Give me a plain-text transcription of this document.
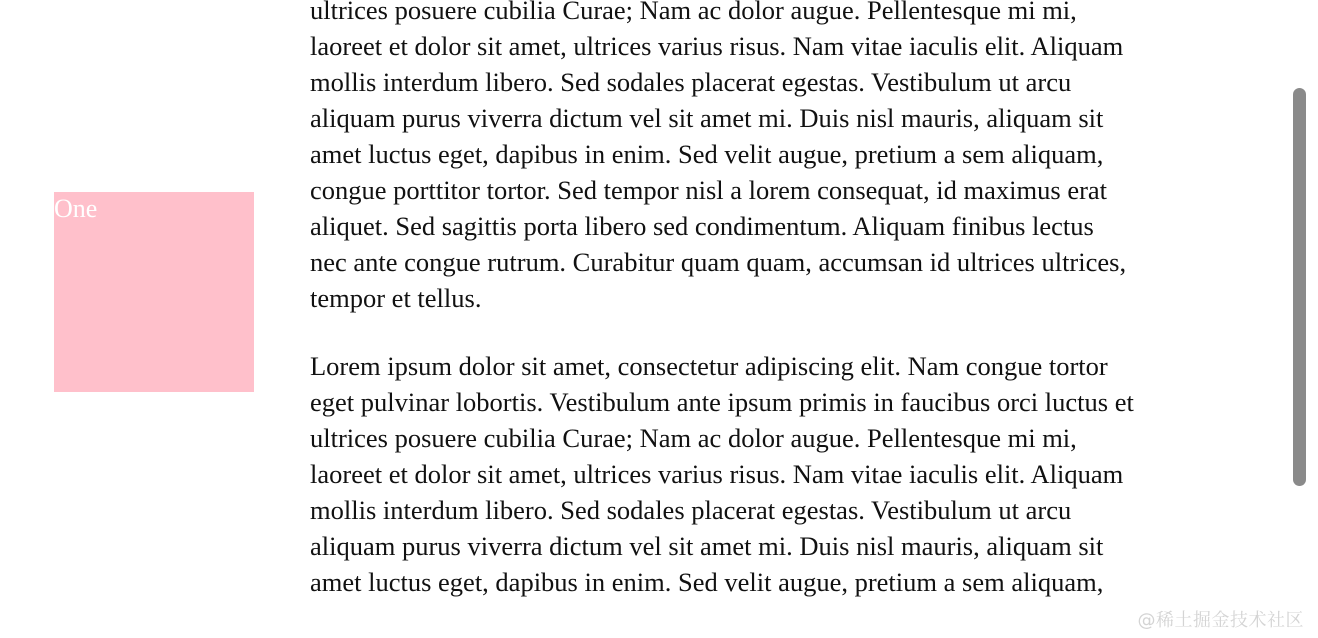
One
ultrices posuere cubilia Curae; Nam ac dolor augue. Pellentesque mi mi,
laoreet et dolor sit amet, ultrices varius risus. Nam vitae iaculis elit. Aliquam
mollis interdum libero. Sed sodales placerat egestas. Vestibulum ut arcu
aliquam purus viverra dictum vel sit amet mi. Duis nisl mauris, aliquam sit
amet luctus eget, dapibus in enim. Sed velit augue, pretium a sem aliquam,
congue porttitor tortor. Sed tempor nisl a lorem consequat, id maximus erat
aliquet. Sed sagittis porta libero sed condimentum. Aliquam finibus lectus
nec ante congue rutrum. Curabitur quam quam, accumsan id ultrices ultrices,
tempor et tellus.
Lorem ipsum dolor sit amet, consectetur adipiscing elit. Nam congue tortor
eget pulvinar lobortis. Vestibulum ante ipsum primis in faucibus orci luctus et
ultrices posuere cubilia Curae; Nam ac dolor augue. Pellentesque mi mi,
laoreet et dolor sit amet, ultrices varius risus. Nam vitae iaculis elit. Aliquam
mollis interdum libero. Sed sodales placerat egestas. Vestibulum ut arcu
aliquam purus viverra dictum vel sit amet mi. Duis nisl mauris, aliquam sit
amet luctus eget, dapibus in enim. Sed velit augue, pretium a sem aliquam,
@稀土掘金技术社区
